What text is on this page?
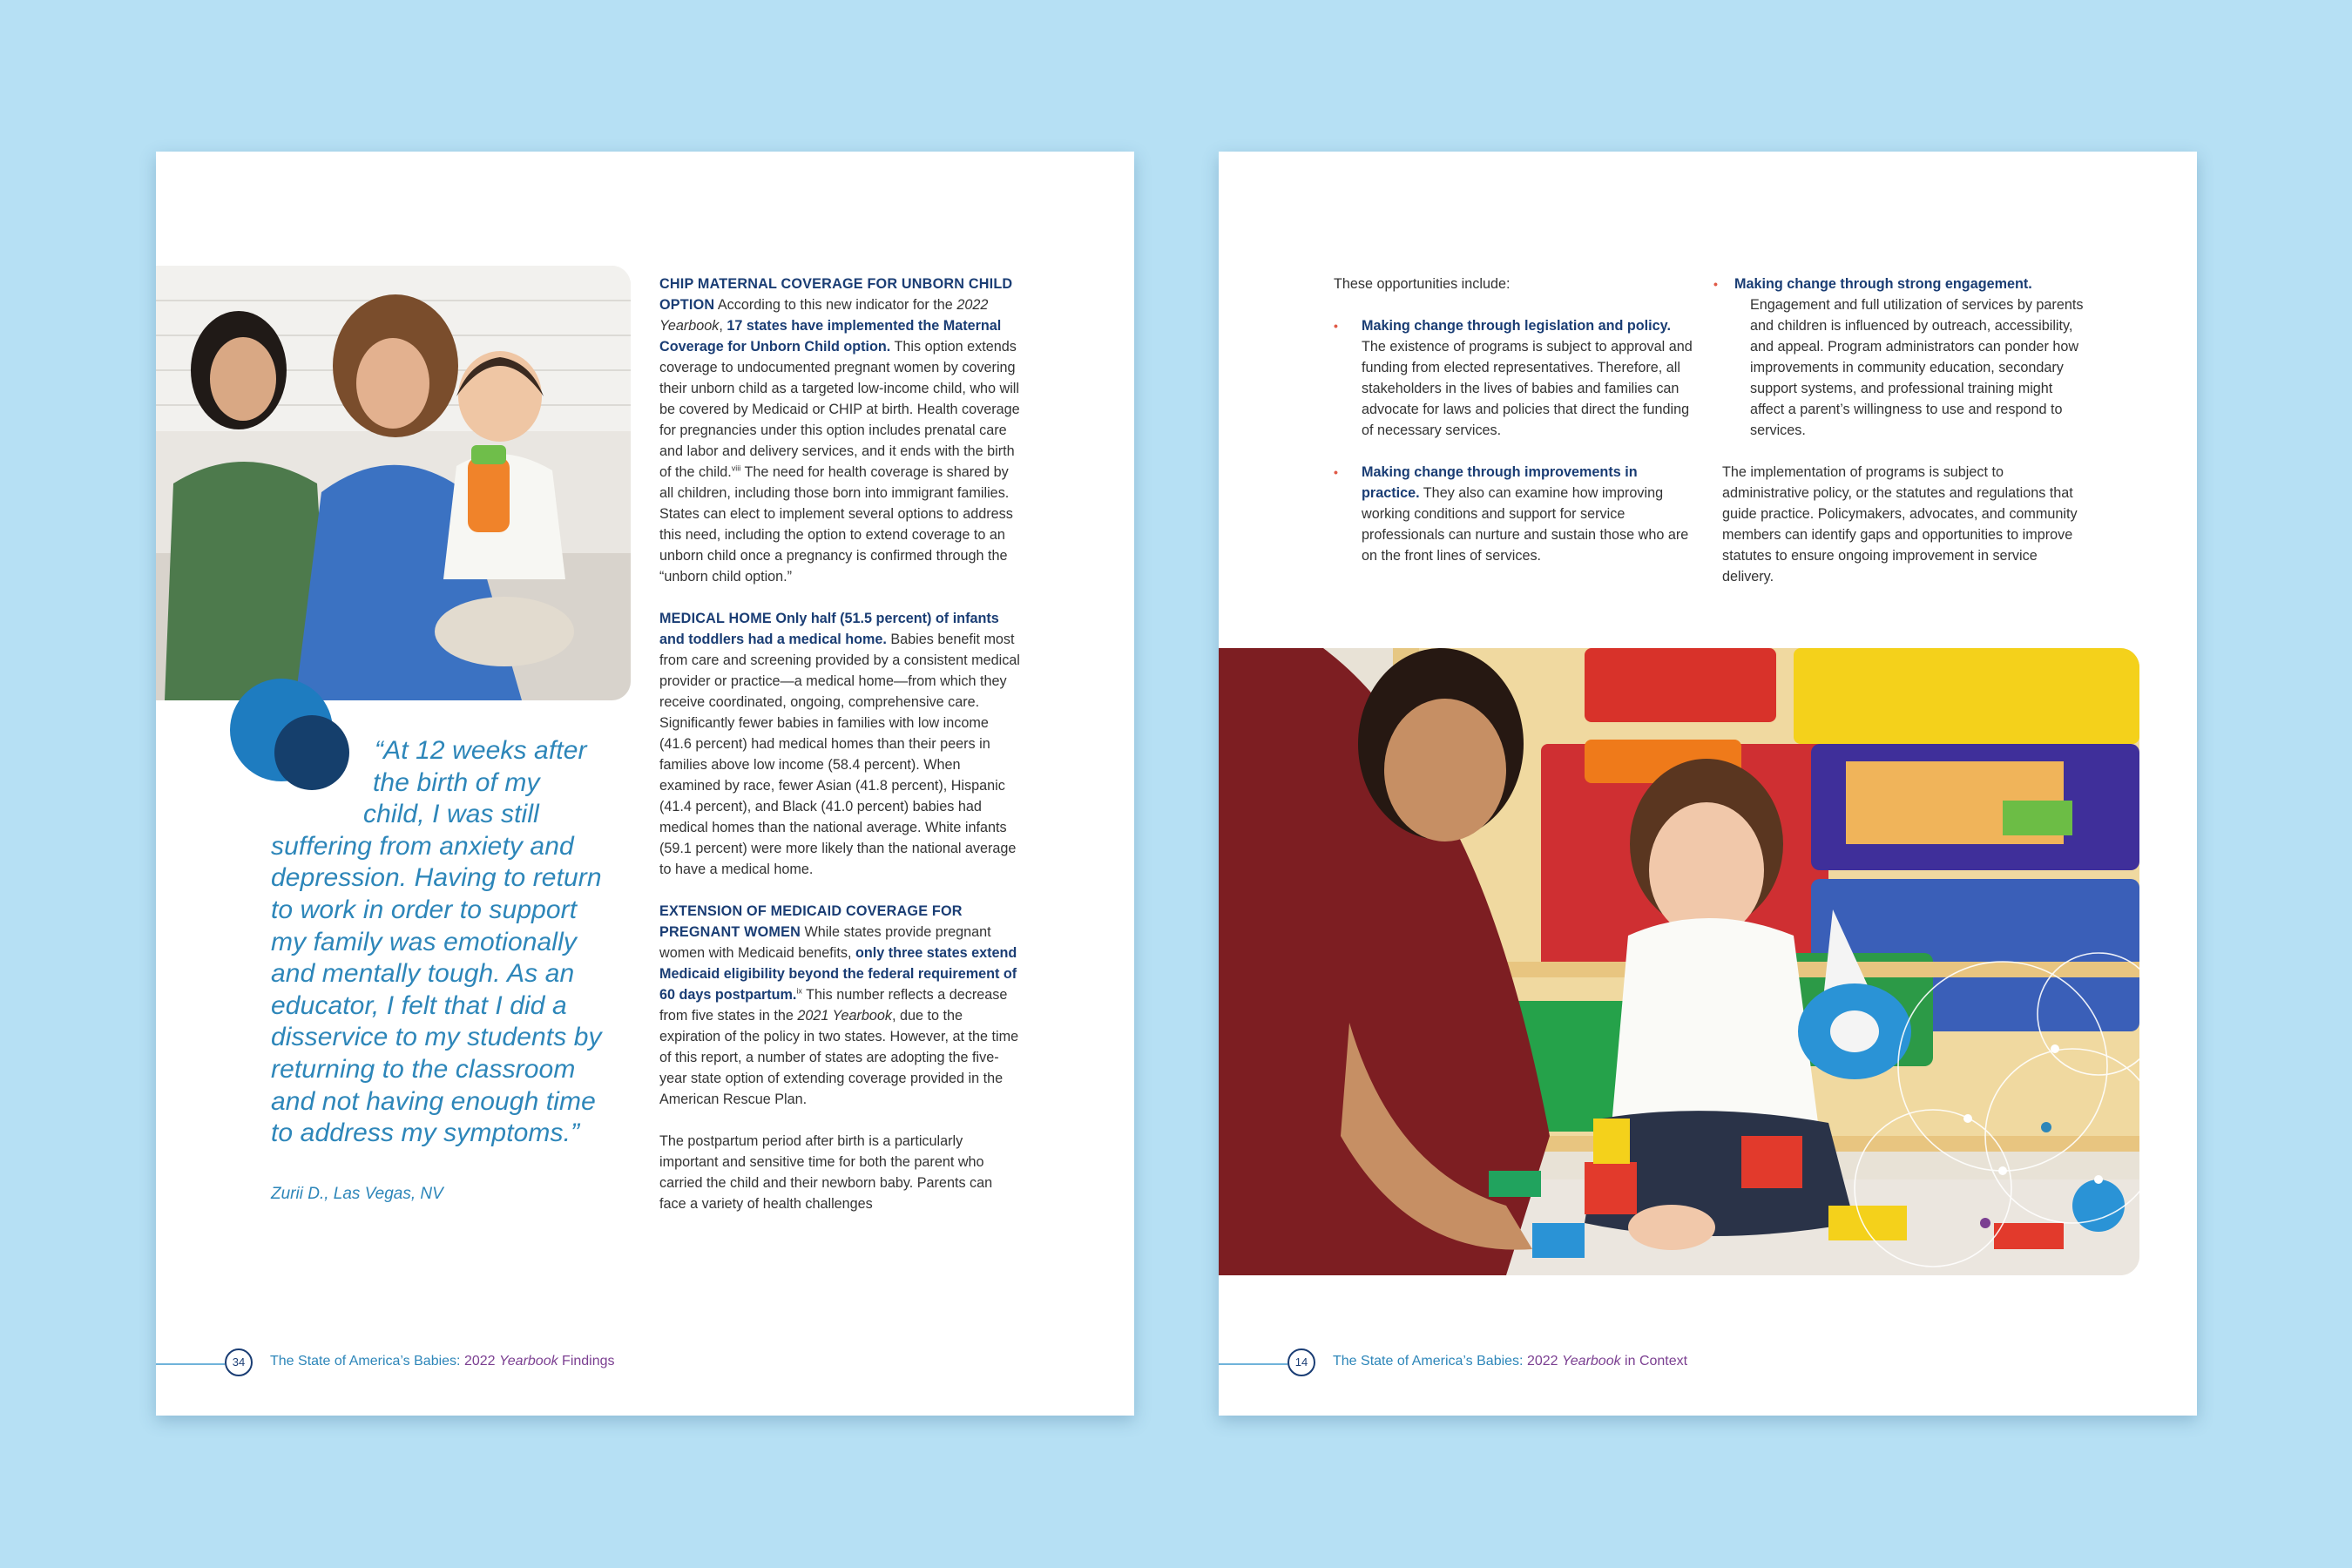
“At 12 weeks after
the birth of my
child, I was still
suffering from anxiety and
depression. Having to return
to work in order to support
my family was emotionally
and mentally tough. As an
educator, I felt that I did a
disservice to my students by
returning to the classroom
and not having enough time
to address my symptoms.”
Zurii D., Las Vegas, NV

CHIP MATERNAL COVERAGE FOR UNBORN CHILD OPTION According to this new indicator for the 2022 Yearbook, 17 states have implemented the Maternal Coverage for Unborn Child option. This option extends coverage to undocumented pregnant women by covering their unborn child as a targeted low-income child, who will be covered by Medicaid or CHIP at birth. Health coverage for pregnancies under this option includes prenatal care and labor and delivery services, and it ends with the birth of the child.$^{viii}$ The need for health coverage is shared by all children, including those born into immigrant families. States can elect to implement several options to address this need, including the option to extend coverage to an unborn child once a pregnancy is confirmed through the “unborn child option.”

MEDICAL HOME Only half (51.5 percent) of infants and toddlers had a medical home. Babies benefit most from care and screening provided by a consistent medical provider or practice—a medical home—from which they receive coordinated, ongoing, comprehensive care. Significantly fewer babies in families with low income (41.6 percent) had medical homes than their peers in families above low income (58.4 percent). When examined by race, fewer Asian (41.8 percent), Hispanic (41.4 percent), and Black (41.0 percent) babies had medical homes than the national average. White infants (59.1 percent) were more likely than the national average to have a medical home.

EXTENSION OF MEDICAID COVERAGE FOR PREGNANT WOMEN While states provide pregnant women with Medicaid benefits, only three states extend Medicaid eligibility beyond the federal requirement of 60 days postpartum.$^{ix}$ This number reflects a decrease from five states in the 2021 Yearbook, due to the expiration of the policy in two states. However, at the time of this report, a number of states are adopting the five-year state option of extending coverage provided in the American Rescue Plan.

The postpartum period after birth is a particularly important and sensitive time for both the parent who carried the child and their newborn baby. Parents can face a variety of health challenges

34	The State of America’s Babies: 2022 Yearbook Findings

These opportunities include:

• Making change through legislation and policy. The existence of programs is subject to approval and funding from elected representatives. Therefore, all stakeholders in the lives of babies and families can advocate for laws and policies that direct the funding of necessary services.
• Making change through improvements in practice. They also can examine how improving working conditions and support for service professionals can nurture and sustain those who are on the front lines of services.
• Making change through strong engagement. Engagement and full utilization of services by parents and children is influenced by outreach, accessibility, and appeal. Program administrators can ponder how improvements in community education, secondary support systems, and professional training might affect a parent’s willingness to use and respond to services.

The implementation of programs is subject to administrative policy, or the statutes and regulations that guide practice. Policymakers, advocates, and community members can identify gaps and opportunities to improve statutes to ensure ongoing improvement in service delivery.

14	The State of America’s Babies: 2022 Yearbook in Context
